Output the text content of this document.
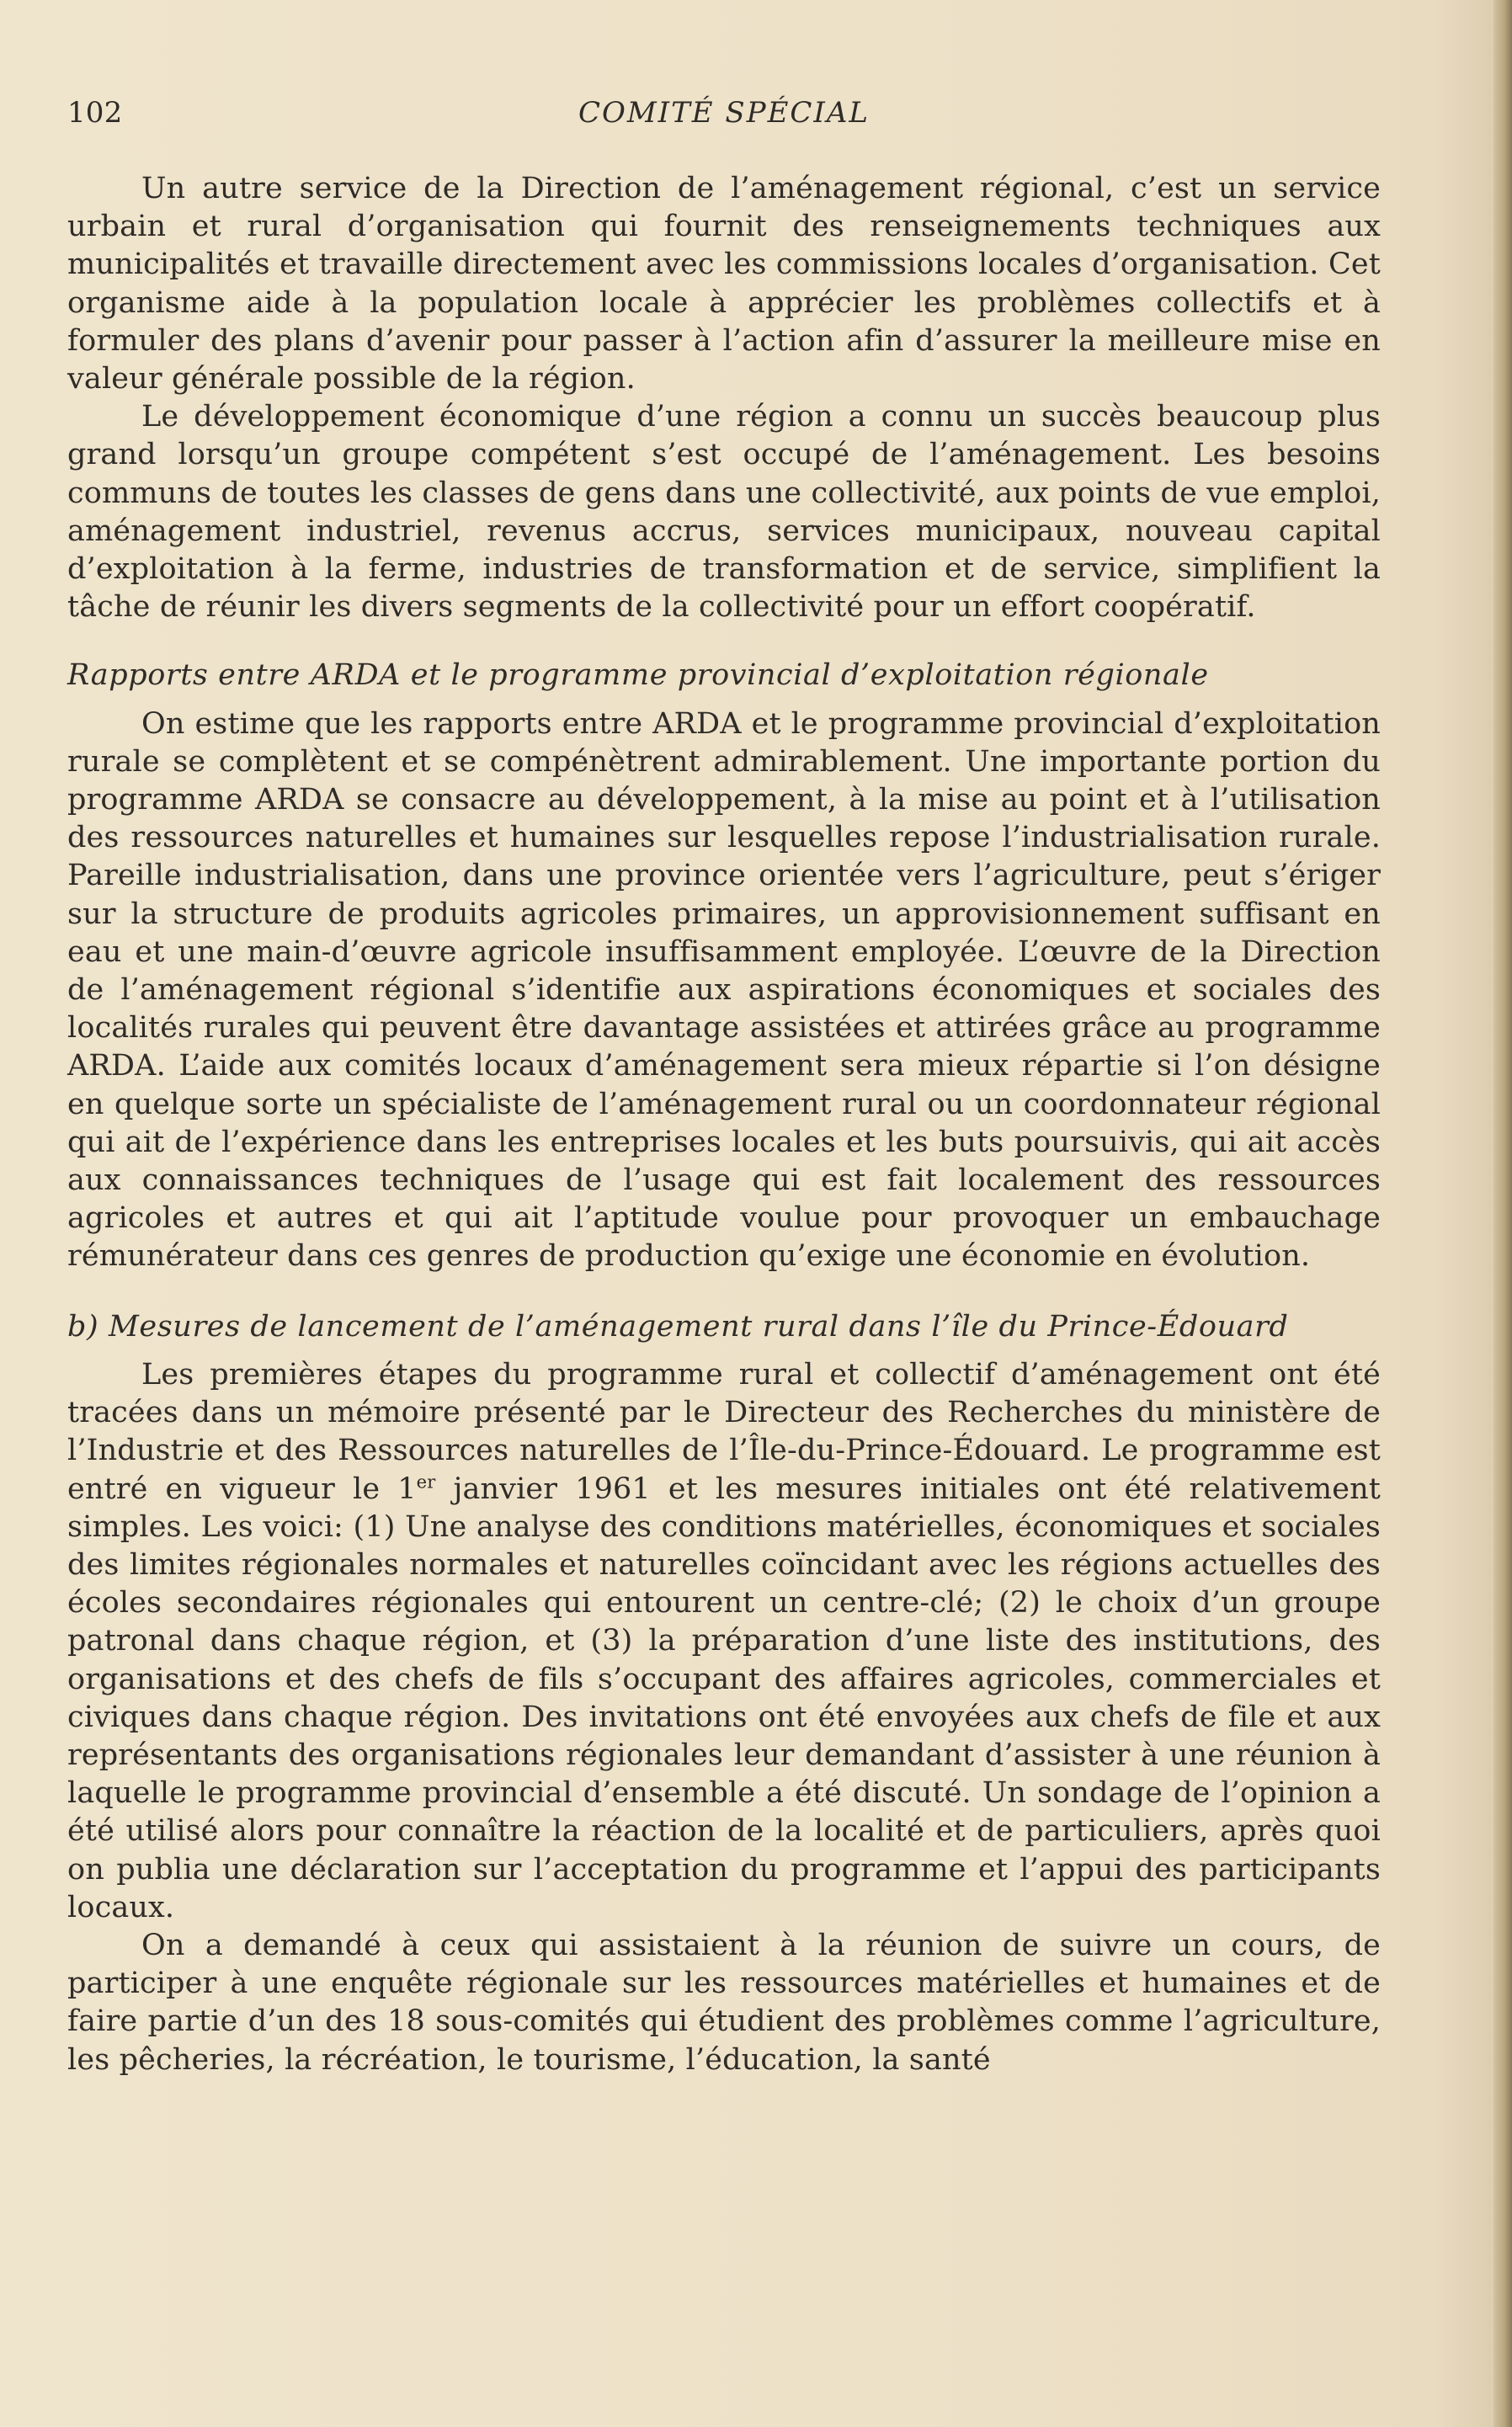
102	COMITÉ SPÉCIAL

Un autre service de la Direction de l’aménagement régional, c’est un service urbain et rural d’organisation qui fournit des renseignements techniques aux municipalités et travaille directement avec les commissions locales d’organisation. Cet organisme aide à la population locale à apprécier les problèmes collectifs et à formuler des plans d’avenir pour passer à l’action afin d’assurer la meilleure mise en valeur générale possible de la région.

Le développement économique d’une région a connu un succès beaucoup plus grand lorsqu’un groupe compétent s’est occupé de l’aménagement. Les besoins communs de toutes les classes de gens dans une collectivité, aux points de vue emploi, aménagement industriel, revenus accrus, services municipaux, nouveau capital d’exploitation à la ferme, industries de transformation et de service, simplifient la tâche de réunir les divers segments de la collectivité pour un effort coopératif.

Rapports entre ARDA et le programme provincial d’exploitation régionale

On estime que les rapports entre ARDA et le programme provincial d’exploitation rurale se complètent et se compénètrent admirablement. Une importante portion du programme ARDA se consacre au développement, à la mise au point et à l’utilisation des ressources naturelles et humaines sur lesquelles repose l’industrialisation rurale. Pareille industrialisation, dans une province orientée vers l’agriculture, peut s’ériger sur la structure de produits agricoles primaires, un approvisionnement suffisant en eau et une main-d’œuvre agricole insuffisamment employée. L’œuvre de la Direction de l’aménagement régional s’identifie aux aspirations économiques et sociales des localités rurales qui peuvent être davantage assistées et attirées grâce au programme ARDA. L’aide aux comités locaux d’aménagement sera mieux répartie si l’on désigne en quelque sorte un spécialiste de l’aménagement rural ou un coordonnateur régional qui ait de l’expérience dans les entreprises locales et les buts poursuivis, qui ait accès aux connaissances techniques de l’usage qui est fait localement des ressources agricoles et autres et qui ait l’aptitude voulue pour provoquer un embauchage rémunérateur dans ces genres de production qu’exige une économie en évolution.

b) Mesures de lancement de l’aménagement rural dans l’île du Prince-Édouard

Les premières étapes du programme rural et collectif d’aménagement ont été tracées dans un mémoire présenté par le Directeur des Recherches du ministère de l’Industrie et des Ressources naturelles de l’Île-du-Prince-Édouard. Le programme est entré en vigueur le 1er janvier 1961 et les mesures initiales ont été relativement simples. Les voici: (1) Une analyse des conditions matérielles, économiques et sociales des limites régionales normales et naturelles coïncidant avec les régions actuelles des écoles secondaires régionales qui entourent un centre-clé; (2) le choix d’un groupe patronal dans chaque région, et (3) la préparation d’une liste des institutions, des organisations et des chefs de fils s’occupant des affaires agricoles, commerciales et civiques dans chaque région. Des invitations ont été envoyées aux chefs de file et aux représentants des organisations régionales leur demandant d’assister à une réunion à laquelle le programme provincial d’ensemble a été discuté. Un sondage de l’opinion a été utilisé alors pour connaître la réaction de la localité et de particuliers, après quoi on publia une déclaration sur l’acceptation du programme et l’appui des participants locaux.

On a demandé à ceux qui assistaient à la réunion de suivre un cours, de participer à une enquête régionale sur les ressources matérielles et humaines et de faire partie d’un des 18 sous-comités qui étudient des problèmes comme l’agriculture, les pêcheries, la récréation, le tourisme, l’éducation, la santé
